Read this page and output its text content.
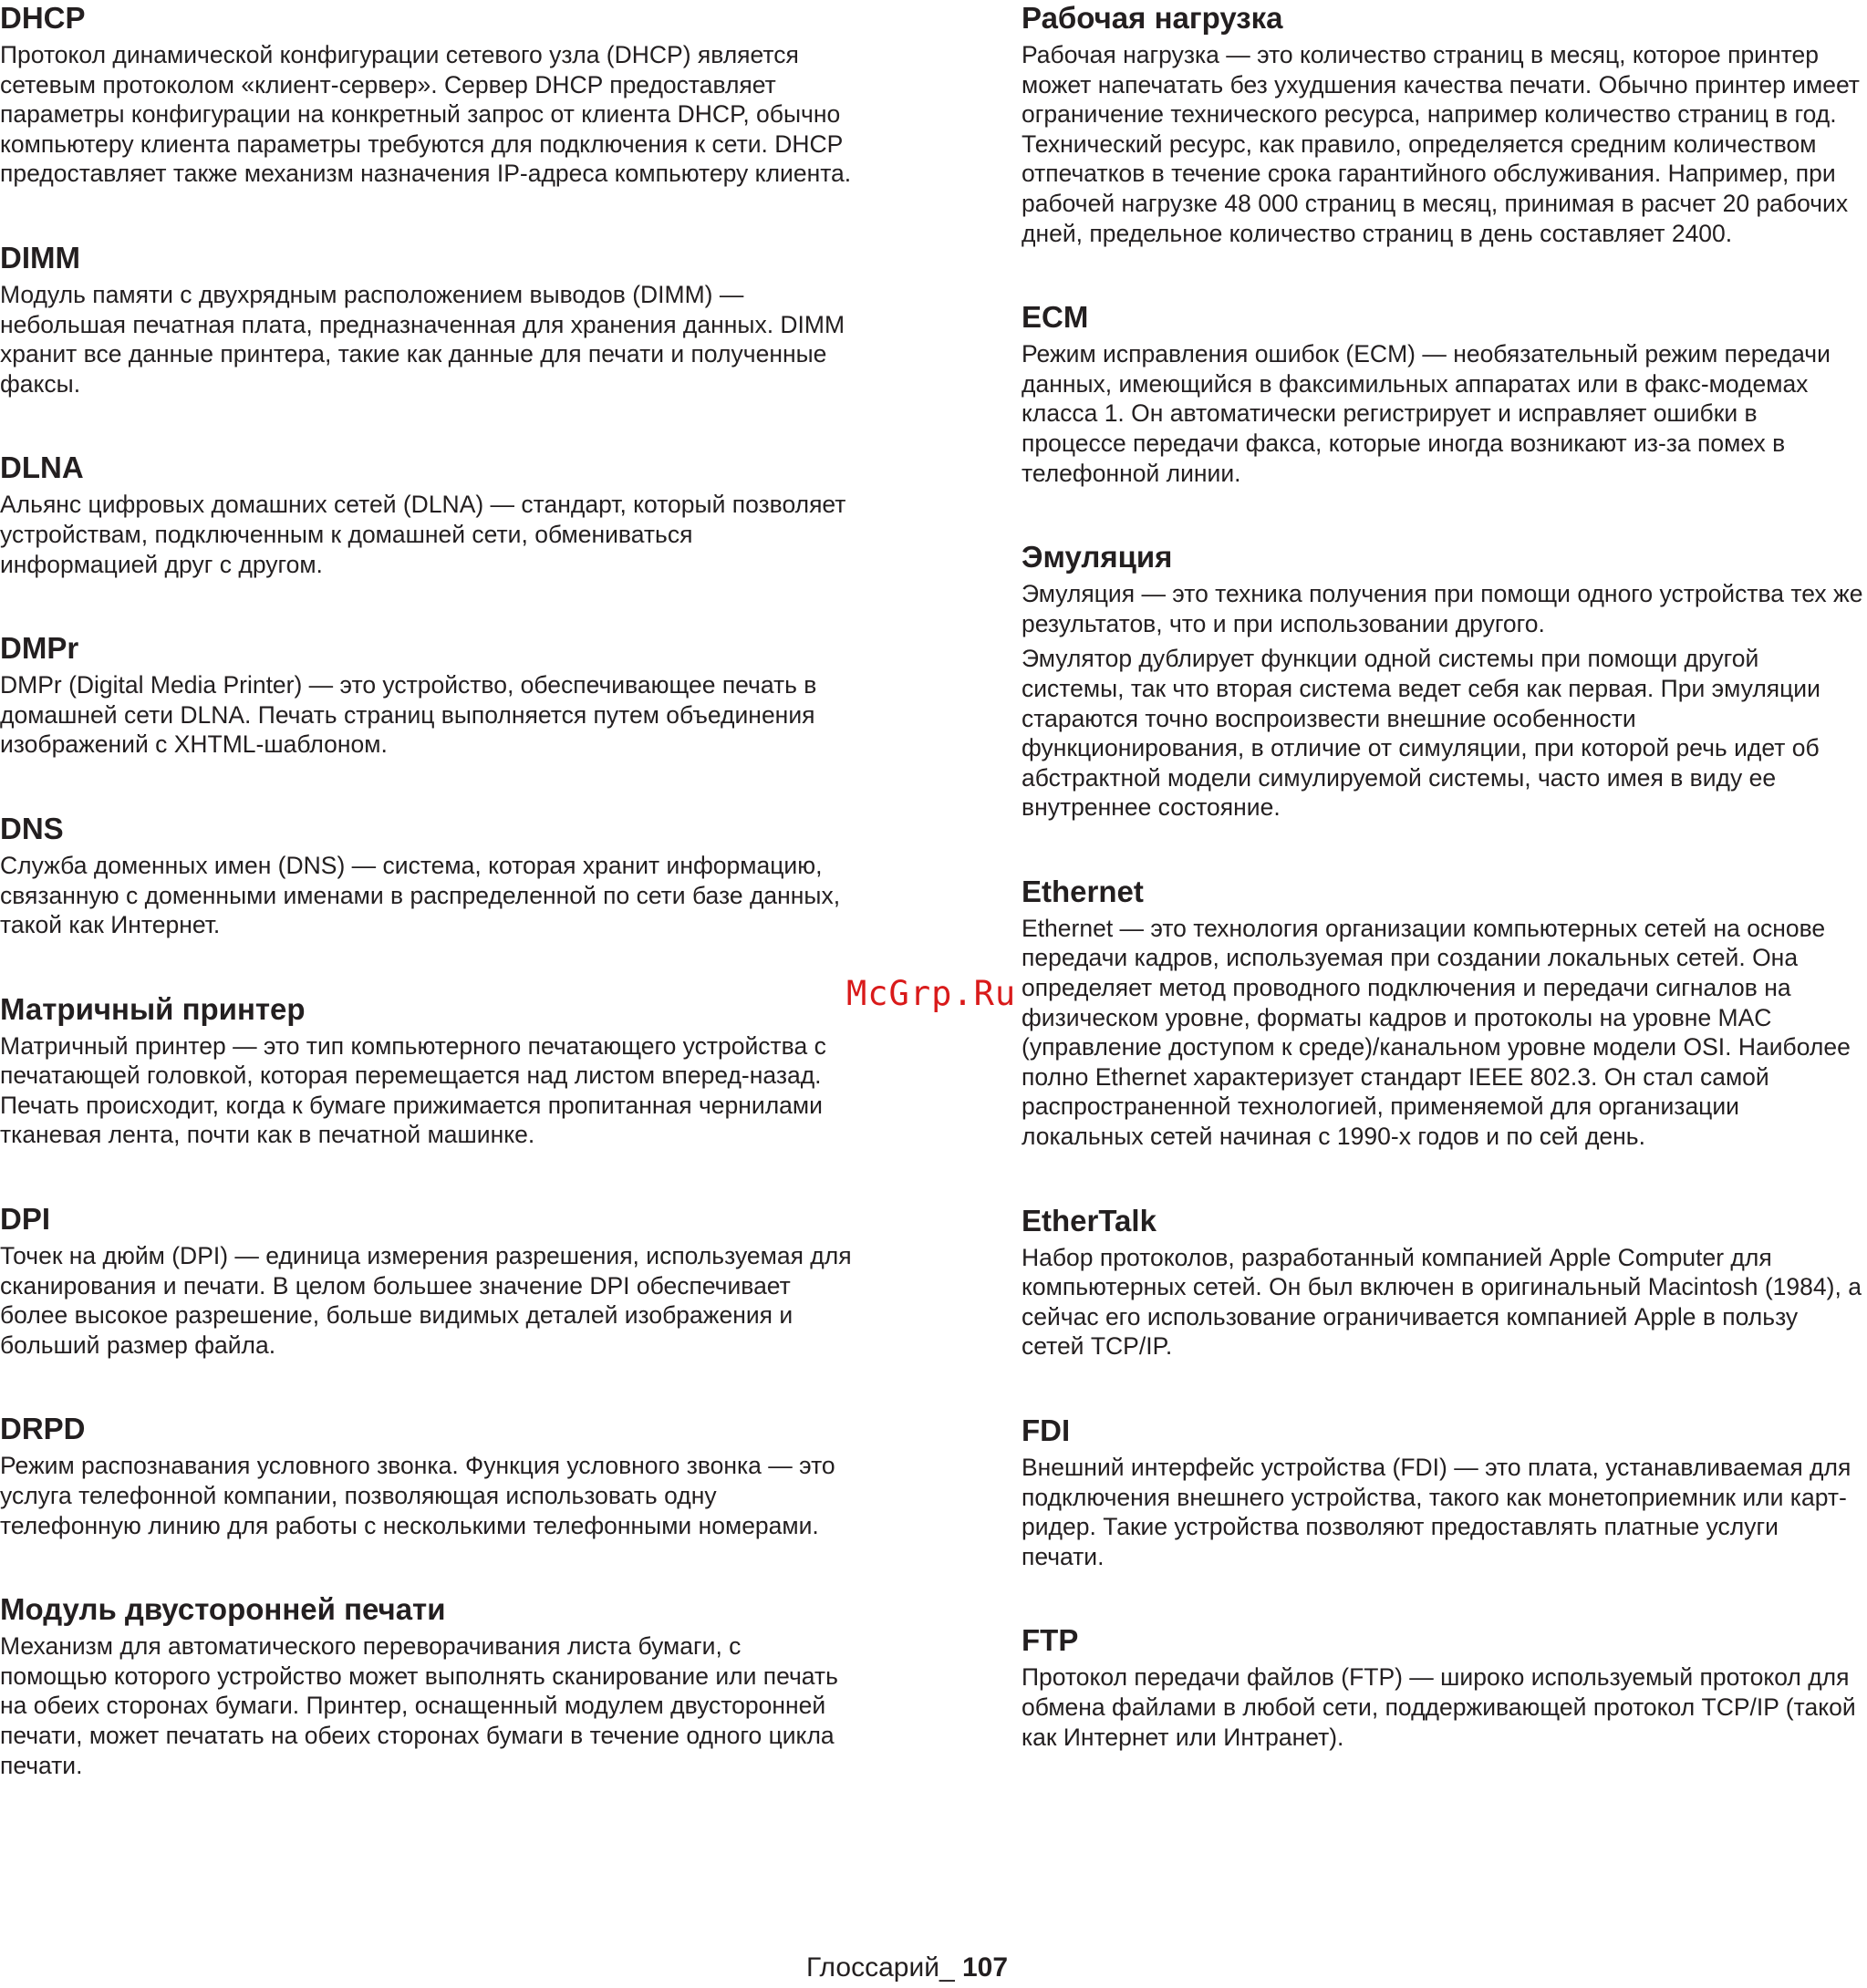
DHCP
Протокол динамической конфигурации сетевого узла (DHCP) является сетевым протоколом «клиент-сервер». Сервер DHCP предоставляет параметры конфигурации на конкретный запрос от клиента DHCP, обычно компьютеру клиента параметры требуются для подключения к сети. DHCP предоставляет также механизм назначения IP-адреса компьютеру клиента.
DIMM
Модуль памяти с двухрядным расположением выводов (DIMM) — небольшая печатная плата, предназначенная для хранения данных. DIMM хранит все данные принтера, такие как данные для печати и полученные факсы.
DLNA
Альянс цифровых домашних сетей (DLNA) — стандарт, который позволяет устройствам, подключенным к домашней сети, обмениваться информацией друг с другом.
DMPr
DMPr (Digital Media Printer) — это устройство, обеспечивающее печать в домашней сети DLNA. Печать страниц выполняется путем объединения изображений с XHTML-шаблоном.
DNS
Служба доменных имен (DNS) — система, которая хранит информацию, связанную с доменными именами в распределенной по сети базе данных, такой как Интернет.
Матричный принтер
Матричный принтер — это тип компьютерного печатающего устройства с печатающей головкой, которая перемещается над листом вперед-назад. Печать происходит, когда к бумаге прижимается пропитанная чернилами тканевая лента, почти как в печатной машинке.
DPI
Точек на дюйм (DPI) — единица измерения разрешения, используемая для сканирования и печати. В целом большее значение DPI обеспечивает более высокое разрешение, больше видимых деталей изображения и больший размер файла.
DRPD
Режим распознавания условного звонка. Функция условного звонка — это услуга телефонной компании, позволяющая использовать одну телефонную линию для работы с несколькими телефонными номерами.
Модуль двусторонней печати
Механизм для автоматического переворачивания листа бумаги, с помощью которого устройство может выполнять сканирование или печать на обеих сторонах бумаги. Принтер, оснащенный модулем двусторонней печати, может печатать на обеих сторонах бумаги в течение одного цикла печати.
Рабочая нагрузка
Рабочая нагрузка — это количество страниц в месяц, которое принтер может напечатать без ухудшения качества печати. Обычно принтер имеет ограничение технического ресурса, например количество страниц в год. Технический ресурс, как правило, определяется средним количеством отпечатков в течение срока гарантийного обслуживания. Например, при рабочей нагрузке 48 000 страниц в месяц, принимая в расчет 20 рабочих дней, предельное количество страниц в день составляет 2400.
ECM
Режим исправления ошибок (ECM) — необязательный режим передачи данных, имеющийся в факсимильных аппаратах или в факс-модемах класса 1. Он автоматически регистрирует и исправляет ошибки в процессе передачи факса, которые иногда возникают из-за помех в телефонной линии.
Эмуляция
Эмуляция — это техника получения при помощи одного устройства тех же результатов, что и при использовании другого.
Эмулятор дублирует функции одной системы при помощи другой системы, так что вторая система ведет себя как первая. При эмуляции стараются точно воспроизвести внешние особенности функционирования, в отличие от симуляции, при которой речь идет об абстрактной модели симулируемой системы, часто имея в виду ее внутреннее состояние.
Ethernet
Ethernet — это технология организации компьютерных сетей на основе передачи кадров, используемая при создании локальных сетей. Она определяет метод проводного подключения и передачи сигналов на физическом уровне, форматы кадров и протоколы на уровне MAC (управление доступом к среде)/канальном уровне модели OSI. Наиболее полно Ethernet характеризует стандарт IEEE 802.3. Он стал самой распространенной технологией, применяемой для организации локальных сетей начиная с 1990-х годов и по сей день.
EtherTalk
Набор протоколов, разработанный компанией Apple Computer для компьютерных сетей. Он был включен в оригинальный Macintosh (1984), а сейчас его использование ограничивается компанией Apple в пользу сетей TCP/IP.
FDI
Внешний интерфейс устройства (FDI) — это плата, устанавливаемая для подключения внешнего устройства, такого как монетоприемник или карт-ридер. Такие устройства позволяют предоставлять платные услуги печати.
FTP
Протокол передачи файлов (FTP) — широко используемый протокол для обмена файлами в любой сети, поддерживающей протокол TCP/IP (такой как Интернет или Интранет).
McGrp.Ru
Глоссарий_ 107
